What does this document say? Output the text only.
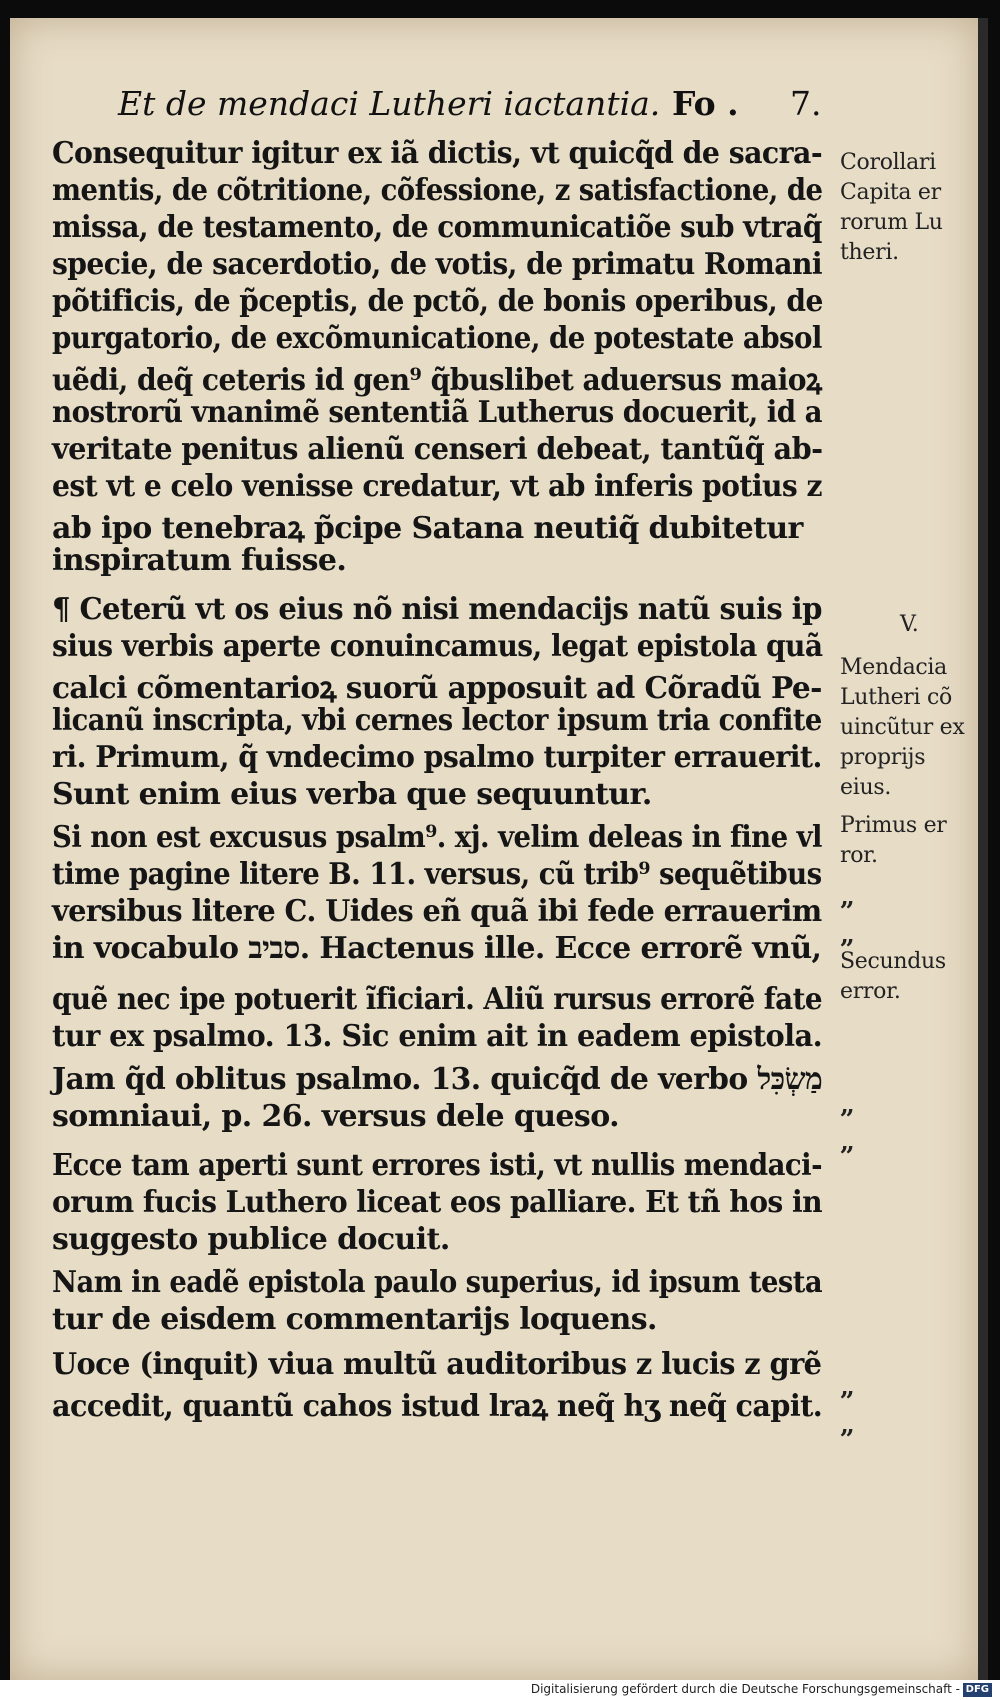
Et de mendaci Lutheri iactantia. Fo . 7.
Consequitur igitur ex iã dictis, vt quicq̃d de sacra-
mentis, de cõtritione, cõfessione, z satisfactione, de
missa, de testamento, de communicatiõe sub vtraq̃
specie, de sacerdotio, de votis, de primatu Romani
põtificis, de p̃ceptis, de pctõ, de bonis operibus, de
purgatorio, de excõmunicatione, de potestate absol
uẽdi, deq̃ ceteris id gen⁹ q̃buslibet aduersus maioꝝ
nostrorũ vnanimẽ sententiã Lutherus docuerit, id a
veritate penitus alienũ censeri debeat, tantũq̃ ab-
est vt e celo venisse credatur, vt ab inferis potius z
ab ipo tenebraꝝ p̃cipe Satana neutiq̃ dubitetur
inspiratum fuisse.
¶ Ceterũ vt os eius nõ nisi mendacijs natũ suis ip
sius verbis aperte conuincamus, legat epistola quã
calci cõmentarioꝝ suorũ apposuit ad Cõradũ Pe-
licanũ inscripta, vbi cernes lector ipsum tria confite
ri. Primum, q̃ vndecimo psalmo turpiter errauerit.
Sunt enim eius verba que sequuntur.
Si non est excusus psalm⁹. xj. velim deleas in fine vl
time pagine litere B. 11. versus, cũ trib⁹ sequẽtibus
versibus litere C. Uides eñ quã ibi fede errauerim
in vocabulo סביב. Hactenus ille. Ecce errorẽ vnũ,
quẽ nec ipe potuerit ĩficiari. Aliũ rursus errorẽ fate
tur ex psalmo. 13. Sic enim ait in eadem epistola.
Jam q̃d oblitus psalmo. 13. quicq̃d de verbo מַשְׂכִּל
somniaui, p. 26. versus dele queso.
Ecce tam aperti sunt errores isti, vt nullis mendaci-
orum fucis Luthero liceat eos palliare. Et tñ hos in
suggesto publice docuit.
Nam in eadẽ epistola paulo superius, id ipsum testa
tur de eisdem commentarijs loquens.
Uoce (inquit) viua multũ auditoribus z lucis z grẽ
accedit, quantũ cahos istud lraꝝ neq̃ hʒ neq̃ capit.
Corollari
Capita er
rorum Lu
theri.
V.
Mendacia
Lutheri cõ
uincũtur ex
proprijs
eius.
Primus er
ror.
Secundus
error.
„
„
„
„
„
„
Digitalisierung gefördert durch die Deutsche Forschungsgemeinschaft - DFG
